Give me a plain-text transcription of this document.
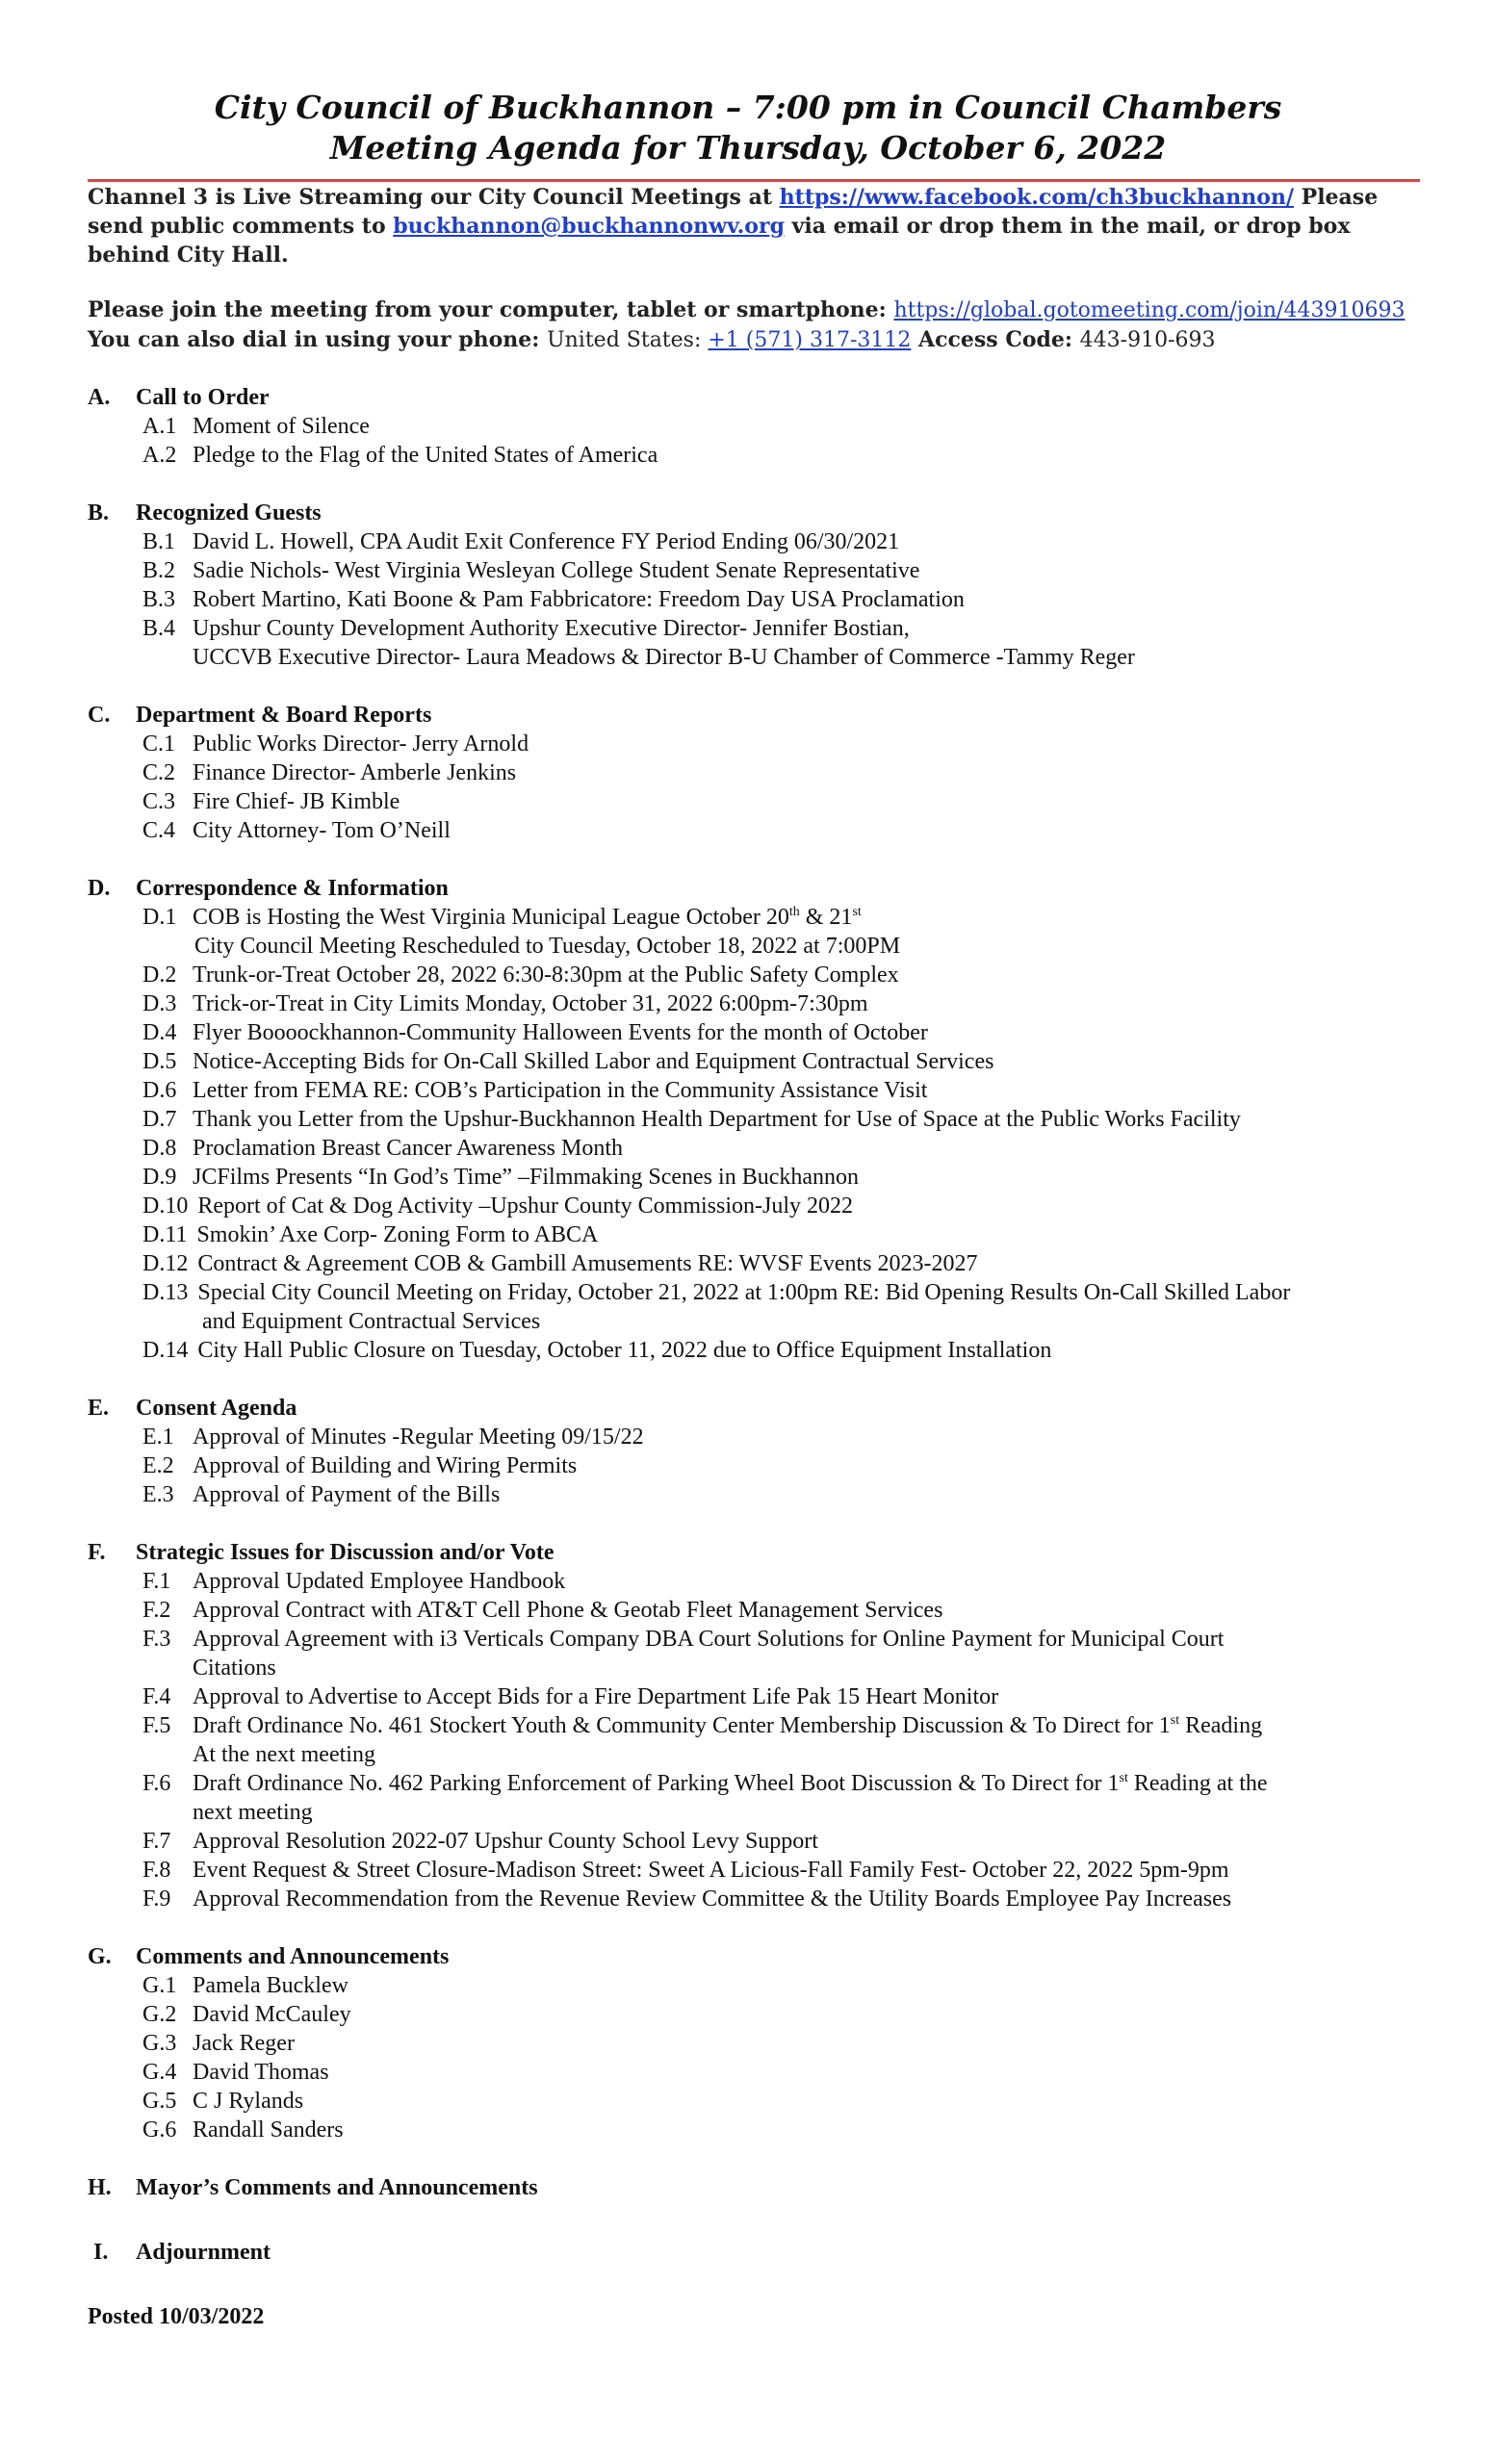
City Council of Buckhannon – 7:00 pm in Council Chambers
Meeting Agenda for Thursday, October 6, 2022
Channel 3 is Live Streaming our City Council Meetings at https://www.facebook.com/ch3buckhannon/ Please send public comments to buckhannon@buckhannonwv.org via email or drop them in the mail, or drop box behind City Hall.
Please join the meeting from your computer, tablet or smartphone: https://global.gotomeeting.com/join/443910693
You can also dial in using your phone: United States: +1 (571) 317-3112 Access Code: 443-910-693
A. Call to Order
A.1 Moment of Silence
A.2 Pledge to the Flag of the United States of America
B. Recognized Guests
B.1 David L. Howell, CPA Audit Exit Conference FY Period Ending 06/30/2021
B.2 Sadie Nichols- West Virginia Wesleyan College Student Senate Representative
B.3 Robert Martino, Kati Boone & Pam Fabbricatore: Freedom Day USA Proclamation
B.4 Upshur County Development Authority Executive Director- Jennifer Bostian,
UCCVB Executive Director- Laura Meadows & Director B-U Chamber of Commerce -Tammy Reger
C. Department & Board Reports
C.1 Public Works Director- Jerry Arnold
C.2 Finance Director- Amberle Jenkins
C.3 Fire Chief- JB Kimble
C.4 City Attorney- Tom O’Neill
D. Correspondence & Information
D.1 COB is Hosting the West Virginia Municipal League October 20th & 21st
City Council Meeting Rescheduled to Tuesday, October 18, 2022 at 7:00PM
D.2 Trunk-or-Treat October 28, 2022 6:30-8:30pm at the Public Safety Complex
D.3 Trick-or-Treat in City Limits Monday, October 31, 2022 6:00pm-7:30pm
D.4 Flyer Boooockhannon-Community Halloween Events for the month of October
D.5 Notice-Accepting Bids for On-Call Skilled Labor and Equipment Contractual Services
D.6 Letter from FEMA RE: COB’s Participation in the Community Assistance Visit
D.7 Thank you Letter from the Upshur-Buckhannon Health Department for Use of Space at the Public Works Facility
D.8 Proclamation Breast Cancer Awareness Month
D.9 JCFilms Presents “In God’s Time” –Filmmaking Scenes in Buckhannon
D.10 Report of Cat & Dog Activity –Upshur County Commission-July 2022
D.11 Smokin’ Axe Corp- Zoning Form to ABCA
D.12 Contract & Agreement COB & Gambill Amusements RE: WVSF Events 2023-2027
D.13 Special City Council Meeting on Friday, October 21, 2022 at 1:00pm RE: Bid Opening Results On-Call Skilled Labor
and Equipment Contractual Services
D.14 City Hall Public Closure on Tuesday, October 11, 2022 due to Office Equipment Installation
E. Consent Agenda
E.1 Approval of Minutes -Regular Meeting 09/15/22
E.2 Approval of Building and Wiring Permits
E.3 Approval of Payment of the Bills
F. Strategic Issues for Discussion and/or Vote
F.1 Approval Updated Employee Handbook
F.2 Approval Contract with AT&T Cell Phone & Geotab Fleet Management Services
F.3 Approval Agreement with i3 Verticals Company DBA Court Solutions for Online Payment for Municipal Court
Citations
F.4 Approval to Advertise to Accept Bids for a Fire Department Life Pak 15 Heart Monitor
F.5 Draft Ordinance No. 461 Stockert Youth & Community Center Membership Discussion & To Direct for 1st Reading
At the next meeting
F.6 Draft Ordinance No. 462 Parking Enforcement of Parking Wheel Boot Discussion & To Direct for 1st Reading at the
next meeting
F.7 Approval Resolution 2022-07 Upshur County School Levy Support
F.8 Event Request & Street Closure-Madison Street: Sweet A Licious-Fall Family Fest- October 22, 2022 5pm-9pm
F.9 Approval Recommendation from the Revenue Review Committee & the Utility Boards Employee Pay Increases
G. Comments and Announcements
G.1 Pamela Bucklew
G.2 David McCauley
G.3 Jack Reger
G.4 David Thomas
G.5 C J Rylands
G.6 Randall Sanders
H. Mayor’s Comments and Announcements
I. Adjournment
Posted 10/03/2022
